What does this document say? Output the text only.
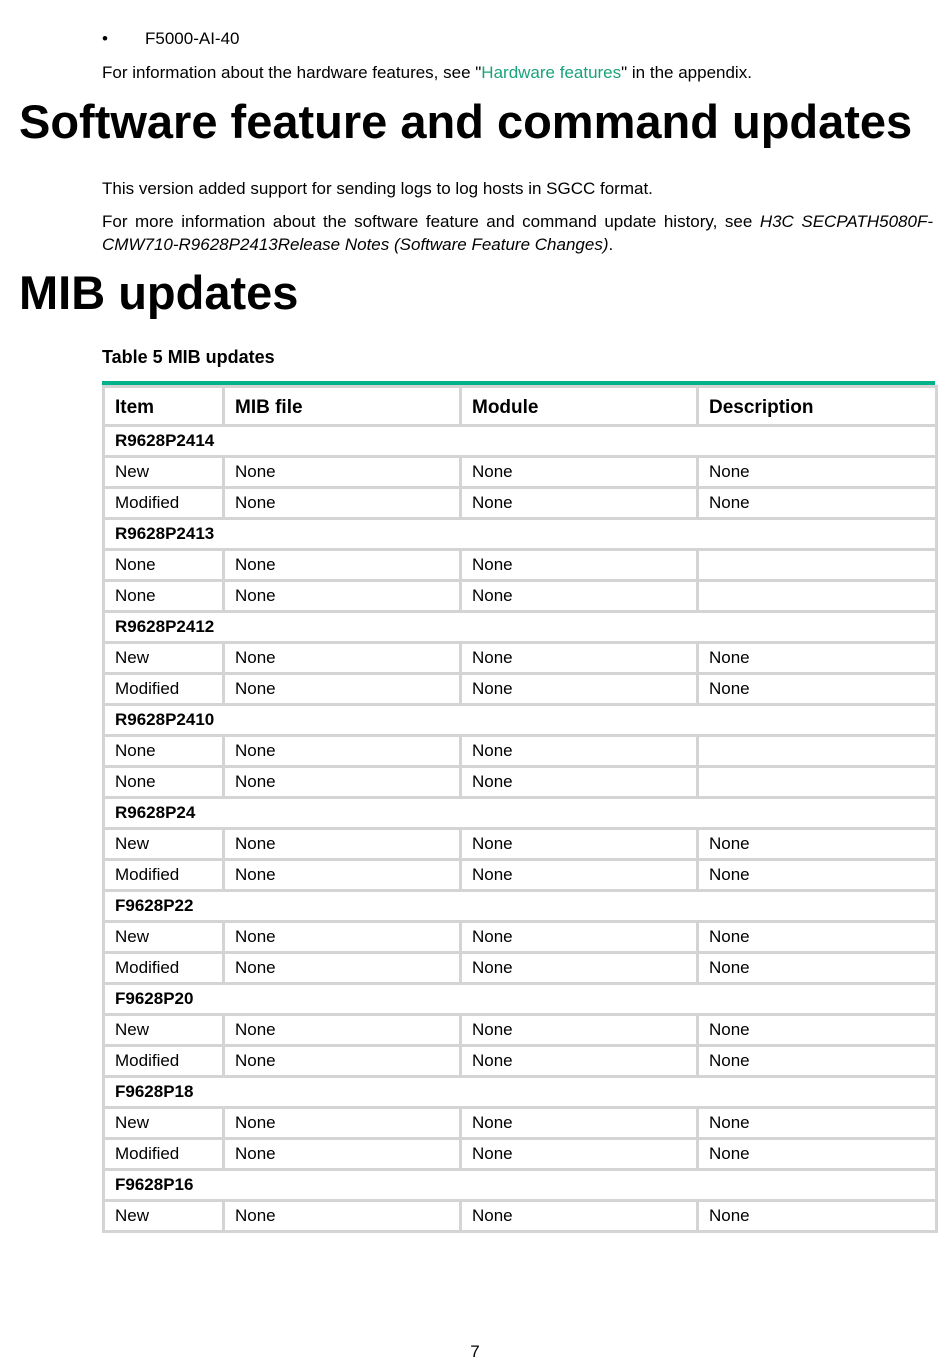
• F5000-AI-40

For information about the hardware features, see "Hardware features" in the appendix.

Software feature and command updates

This version added support for sending logs to log hosts in SGCC format.

For more information about the software feature and command update history, see H3C SECPATH5080F-CMW710-R9628P2413Release Notes (Software Feature Changes).

MIB updates

Table 5 MIB updates

Item	MIB file	Module	Description
R9628P2414			
New	None	None	None
Modified	None	None	None
R9628P2413			
None	None	None	
None	None	None	
R9628P2412			
New	None	None	None
Modified	None	None	None
R9628P2410			
None	None	None	
None	None	None	
R9628P24			
New	None	None	None
Modified	None	None	None
F9628P22			
New	None	None	None
Modified	None	None	None
F9628P20			
New	None	None	None
Modified	None	None	None
F9628P18			
New	None	None	None
Modified	None	None	None
F9628P16			
New	None	None	None
7
